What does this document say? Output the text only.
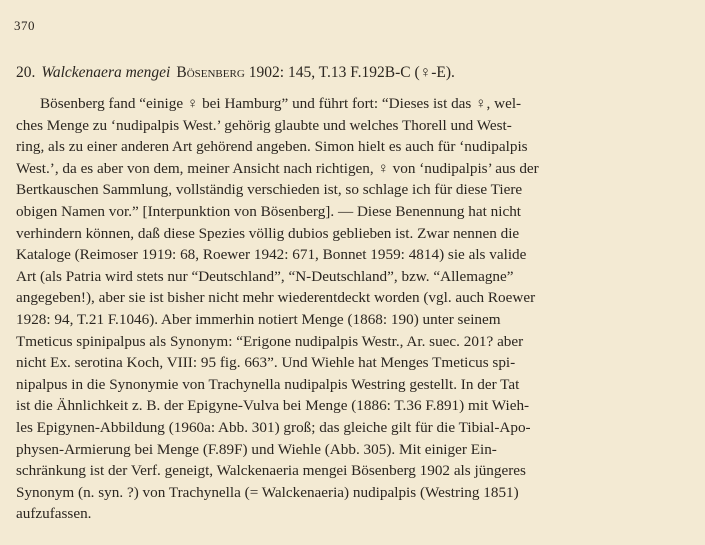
370
20. Walckenaera mengei Bösenberg 1902: 145, T.13 F.192B-C (♀-E).
Bösenberg fand “einige ♀ bei Hamburg” und führt fort: “Dieses ist das ♀, wel-
ches Menge zu ‘nudipalpis West.’ gehörig glaubte und welches Thorell und West-
ring, als zu einer anderen Art gehörend angeben. Simon hielt es auch für ‘nudipalpis
West.’, da es aber von dem, meiner Ansicht nach richtigen, ♀ von ‘nudipalpis’ aus der
Bertkauschen Sammlung, vollständig verschieden ist, so schlage ich für diese Tiere
obigen Namen vor.” [Interpunktion von Bösenberg]. — Diese Benennung hat nicht
verhindern können, daß diese Spezies völlig dubios geblieben ist. Zwar nennen die
Kataloge (Reimoser 1919: 68, Roewer 1942: 671, Bonnet 1959: 4814) sie als valide
Art (als Patria wird stets nur “Deutschland”, “N-Deutschland”, bzw. “Allemagne”
angegeben!), aber sie ist bisher nicht mehr wiederentdeckt worden (vgl. auch Roewer
1928: 94, T.21 F.1046). Aber immerhin notiert Menge (1868: 190) unter seinem
Tmeticus spinipalpus als Synonym: “Erigone nudipalpis Westr., Ar. suec. 201? aber
nicht Ex. serotina Koch, VIII: 95 fig. 663”. Und Wiehle hat Menges Tmeticus spi-
nipalpus in die Synonymie von Trachynella nudipalpis Westring gestellt. In der Tat
ist die Ähnlichkeit z. B. der Epigyne-Vulva bei Menge (1886: T.36 F.891) mit Wieh-
les Epigynen-Abbildung (1960a: Abb. 301) groß; das gleiche gilt für die Tibial-Apo-
physen-Armierung bei Menge (F.89F) und Wiehle (Abb. 305). Mit einiger Ein-
schränkung ist der Verf. geneigt, Walckenaeria mengei Bösenberg 1902 als jüngeres
Synonym (n. syn. ?) von Trachynella (= Walckenaeria) nudipalpis (Westring 1851)
aufzufassen.
